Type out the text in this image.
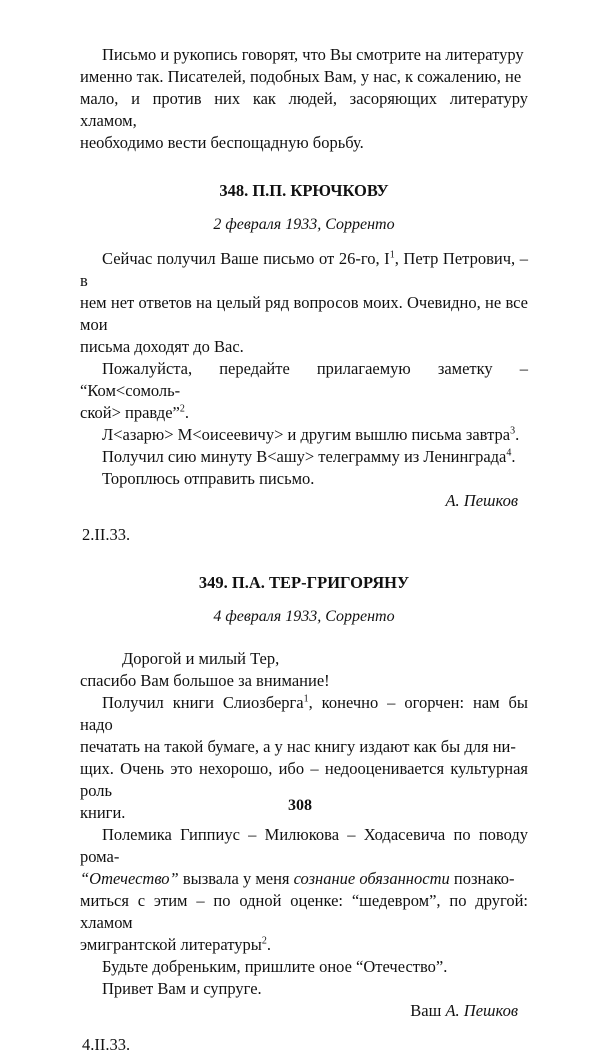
Письмо и рукопись говорят, что Вы смотрите на литературу

именно так. Писателей, подобных Вам, у нас, к сожалению, не

мало, и против них как людей, засоряющих литературу хламом,

необходимо вести беспощадную борьбу.

348. П.П. КРЮЧКОВУ

2 февраля 1933, Сорренто

Сейчас получил Ваше письмо от 26-го, $I^1$, Петр Петрович, – в

нем нет ответов на целый ряд вопросов моих. Очевидно, не все мои

письма доходят до Вас.

Пожалуйста, передайте прилагаемую заметку – “Ком<сомоль-

ской> правде”$^2$.

Л<азарю> М<оисеевичу> и другим вышлю письма завтра$^3$.

Получил сию минуту В<ашу> телеграмму из Ленинграда$^4$.

Тороплюсь отправить письмо.

А. Пешков

2.II.33.

349. П.А. ТЕР-ГРИГОРЯНУ

4 февраля 1933, Сорренто

Дорогой и милый Тер,

спасибо Вам большое за внимание!

Получил книги Слиозберга$^1$, конечно – огорчен: нам бы надо

печатать на такой бумаге, а у нас книгу издают как бы для ни-

щих. Очень это нехорошо, ибо – недооценивается культурная роль

книги.

Полемика Гиппиус – Милюкова – Ходасевича по поводу рома-

“Отечество” вызвала у меня сознание обязанности познако-

миться с этим – по одной оценке: “шедевром”, по другой: хламом

эмигрантской литературы$^2$.

Будьте добреньким, пришлите оное “Отечество”.

Привет Вам и супруге.

Ваш А. Пешков

4.II.33.

308
